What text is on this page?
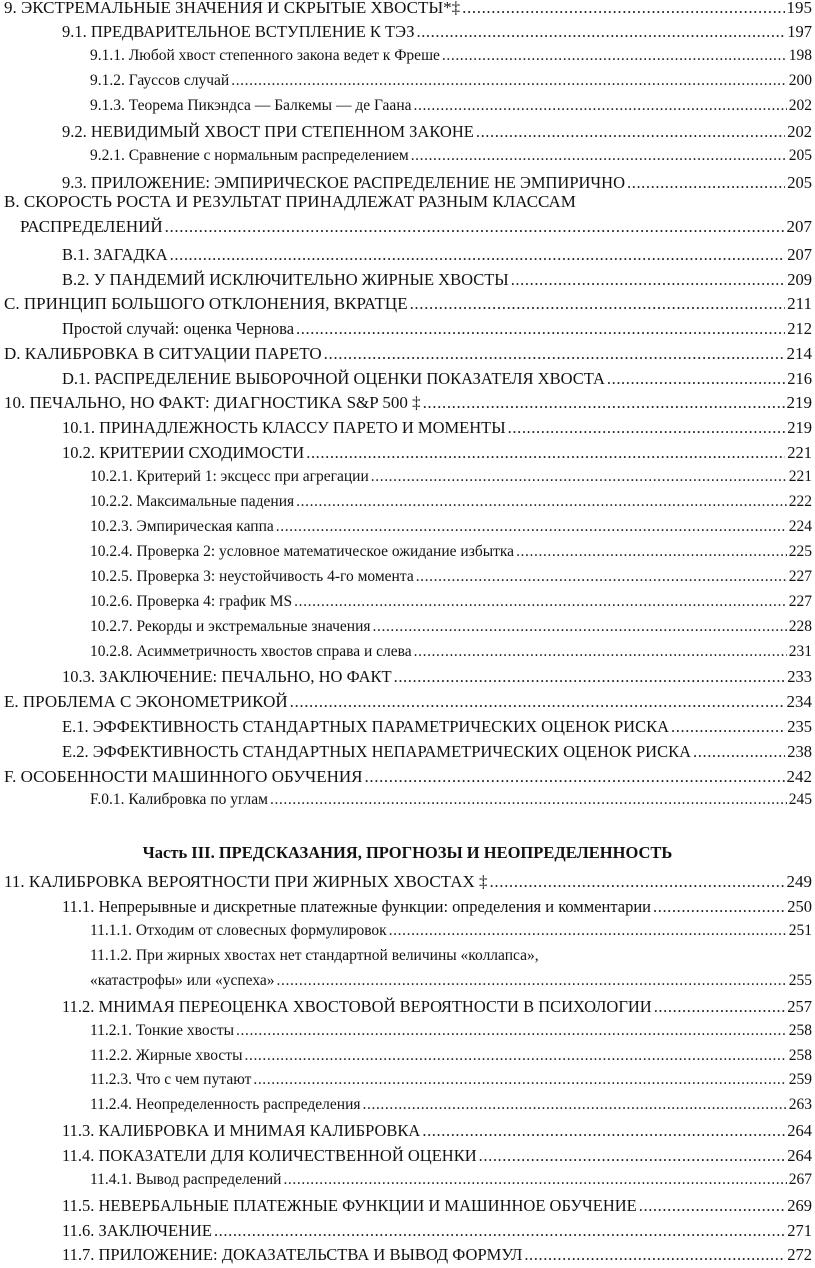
9. ЭКСТРЕМАЛЬНЫЕ ЗНАЧЕНИЯ И СКРЫТЫЕ ХВОСТЫ*‡ .....	195
9.1. ПРЕДВАРИТЕЛЬНОЕ ВСТУПЛЕНИЕ К ТЭЗ .....	197
9.1.1. Любой хвост степенного закона ведет к Фреше .....	198
9.1.2. Гауссов случай .....	200
9.1.3. Теорема Пикэндса — Балкемы — де Гаана .....	202
9.2. НЕВИДИМЫЙ ХВОСТ ПРИ СТЕПЕННОМ ЗАКОНЕ .....	202
9.2.1. Сравнение с нормальным распределением .....	205
9.3. ПРИЛОЖЕНИЕ: ЭМПИРИЧЕСКОЕ РАСПРЕДЕЛЕНИЕ НЕ ЭМПИРИЧНО .....	205
B. СКОРОСТЬ РОСТА И РЕЗУЛЬТАТ ПРИНАДЛЕЖАТ РАЗНЫМ КЛАССАМ
РАСПРЕДЕЛЕНИЙ .....	207
B.1. ЗАГАДКА .....	207
B.2. У ПАНДЕМИЙ ИСКЛЮЧИТЕЛЬНО ЖИРНЫЕ ХВОСТЫ .....	209
C. ПРИНЦИП БОЛЬШОГО ОТКЛОНЕНИЯ, ВКРАТЦЕ .....	211
Простой случай: оценка Чернова .....	212
D. КАЛИБРОВКА В СИТУАЦИИ ПАРЕТО .....	214
D.1. РАСПРЕДЕЛЕНИЕ ВЫБОРОЧНОЙ ОЦЕНКИ ПОКАЗАТЕЛЯ ХВОСТА .....	216
10. ПЕЧАЛЬНО, НО ФАКТ: ДИАГНОСТИКА S&P 500 ‡ .....	219
10.1. ПРИНАДЛЕЖНОСТЬ КЛАССУ ПАРЕТО И МОМЕНТЫ .....	219
10.2. КРИТЕРИИ СХОДИМОСТИ .....	221
10.2.1. Критерий 1: эксцесс при агрегации .....	221
10.2.2. Максимальные падения .....	222
10.2.3. Эмпирическая каппа .....	224
10.2.4. Проверка 2: условное математическое ожидание избытка .....	225
10.2.5. Проверка 3: неустойчивость 4-го момента .....	227
10.2.6. Проверка 4: график MS .....	227
10.2.7. Рекорды и экстремальные значения .....	228
10.2.8. Асимметричность хвостов справа и слева .....	231
10.3. ЗАКЛЮЧЕНИЕ: ПЕЧАЛЬНО, НО ФАКТ .....	233
E. ПРОБЛЕМА С ЭКОНОМЕТРИКОЙ .....	234
E.1. ЭФФЕКТИВНОСТЬ СТАНДАРТНЫХ ПАРАМЕТРИЧЕСКИХ ОЦЕНОК РИСКА .....	235
E.2. ЭФФЕКТИВНОСТЬ СТАНДАРТНЫХ НЕПАРАМЕТРИЧЕСКИХ ОЦЕНОК РИСКА .....	238
F. ОСОБЕННОСТИ МАШИННОГО ОБУЧЕНИЯ .....	242
F.0.1. Калибровка по углам .....	245
Часть III. ПРЕДСКАЗАНИЯ, ПРОГНОЗЫ И НЕОПРЕДЕЛЕННОСТЬ
11. КАЛИБРОВКА ВЕРОЯТНОСТИ ПРИ ЖИРНЫХ ХВОСТАХ ‡ .....	249
11.1. Непрерывные и дискретные платежные функции: определения и комментарии .....	250
11.1.1. Отходим от словесных формулировок .....	251
11.1.2. При жирных хвостах нет стандартной величины «коллапса»,
«катастрофы» или «успеха» .....	255
11.2. МНИМАЯ ПЕРЕОЦЕНКА ХВОСТОВОЙ ВЕРОЯТНОСТИ В ПСИХОЛОГИИ .....	257
11.2.1. Тонкие хвосты .....	258
11.2.2. Жирные хвосты .....	258
11.2.3. Что с чем путают .....	259
11.2.4. Неопределенность распределения .....	263
11.3. КАЛИБРОВКА И МНИМАЯ КАЛИБРОВКА .....	264
11.4. ПОКАЗАТЕЛИ ДЛЯ КОЛИЧЕСТВЕННОЙ ОЦЕНКИ .....	264
11.4.1. Вывод распределений .....	267
11.5. НЕВЕРБАЛЬНЫЕ ПЛАТЕЖНЫЕ ФУНКЦИИ И МАШИННОЕ ОБУЧЕНИЕ .....	269
11.6. ЗАКЛЮЧЕНИЕ .....	271
11.7. ПРИЛОЖЕНИЕ: ДОКАЗАТЕЛЬСТВА И ВЫВОД ФОРМУЛ .....	272
